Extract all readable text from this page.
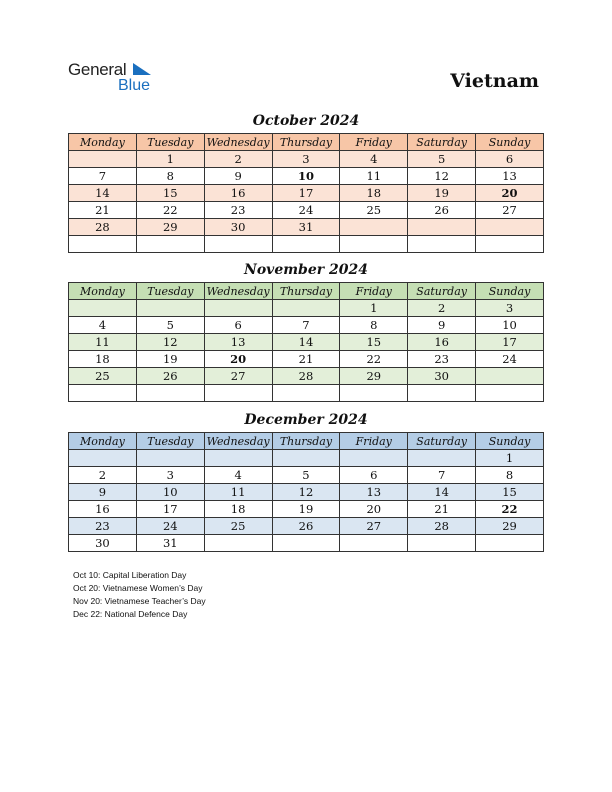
General
Blue	Vietnam
October 2024
Monday	Tuesday	Wednesday	Thursday	Friday	Saturday	Sunday
	1	2	3	4	5	6
7	8	9	10	11	12	13
14	15	16	17	18	19	20
21	22	23	24	25	26	27
28	29	30	31			

November 2024
Monday	Tuesday	Wednesday	Thursday	Friday	Saturday	Sunday
				1	2	3
4	5	6	7	8	9	10
11	12	13	14	15	16	17
18	19	20	21	22	23	24
25	26	27	28	29	30	

December 2024
Monday	Tuesday	Wednesday	Thursday	Friday	Saturday	Sunday
						1
2	3	4	5	6	7	8
9	10	11	12	13	14	15
16	17	18	19	20	21	22
23	24	25	26	27	28	29
30	31					
Oct 10: Capital Liberation Day
Oct 20: Vietnamese Women’s Day
Nov 20: Vietnamese Teacher’s Day
Dec 22: National Defence Day
